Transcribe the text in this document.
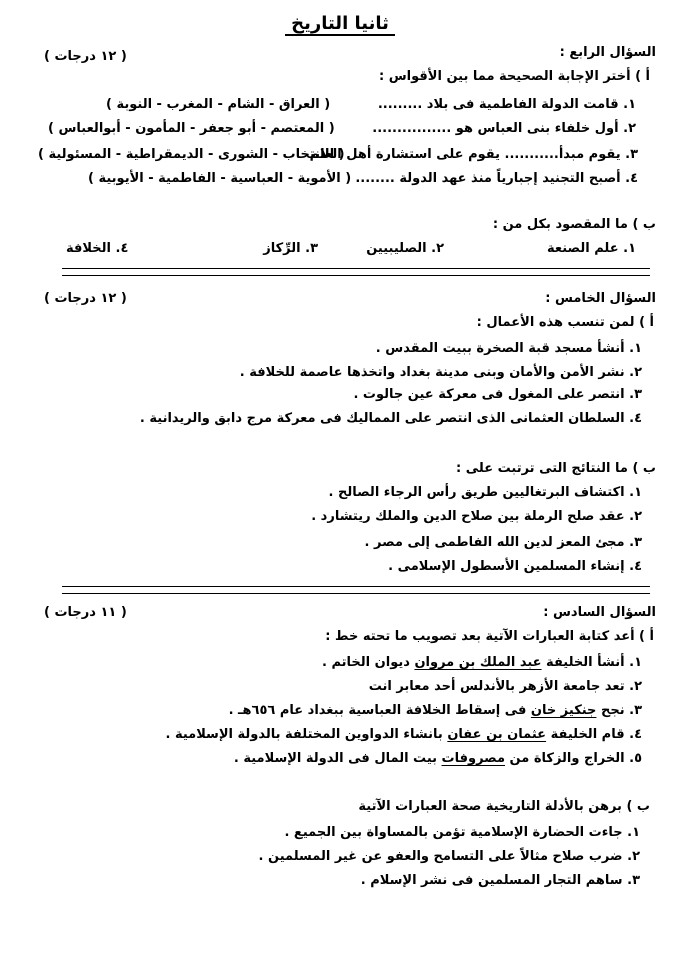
ثانيا التاريخ
السؤال الرابع :
( ١٢ درجات )
أ ) أختر الإجابة الصحيحة مما بين الأقواس :
١. قامت الدولة الفاطمية فى بلاد .........
( العراق - الشام - المغرب - النوبة )
٢. أول خلفاء بنى العباس هو ................
( المعتصم - أبو جعفر - المأمون - أبوالعباس )
٣. يقوم مبدأ........... يقوم على استشارة أهل العلم
( الانتخاب - الشورى - الديمقراطية - المسئولية )
٤. أصبح التجنيد إجبارياً منذ عهد الدولة ........
( الأموية - العباسية - الفاطمية - الأيوبية )
ب ) ما المقصود بكل من :
١. علم الصنعة
٢. الصليبيين
٣. الرِّكاز
٤. الخلافة
السؤال الخامس :
( ١٢ درجات )
أ ) لمن تنسب هذه الأعمال :
١. أنشأ مسجد قبة الصخرة ببيت المقدس .
٢. نشر الأمن والأمان وبنى مدينة بغداد واتخذها عاصمة للخلافة .
٣. انتصر على المغول فى معركة عين جالوت .
٤. السلطان العثمانى الذى انتصر على المماليك فى معركة مرج دابق والريدانية .
ب ) ما النتائج التى ترتبت على :
١. اكتشاف البرتغاليين طريق رأس الرجاء الصالح .
٢. عقد صلح الرملة بين صلاح الدين والملك ريتشارد .
٣. مجئ المعز لدين الله الفاطمى إلى مصر .
٤. إنشاء المسلمين الأسطول الإسلامى .
السؤال السادس :
( ١١ درجات )
أ ) أعد كتابة العبارات الآتية بعد تصويب ما تحته خط :
١. أنشأ الخليفة عبد الملك بن مروان ديوان الخاتم .
٢. تعد جامعة الأزهر بالأندلس أحد معابر انت
٣. نجح جنكيز خان فى إسقاط الخلافة العباسية ببغداد عام ٦٥٦هـ .
٤. قام الخليفة عثمان بن عفان بانشاء الدواوين المختلفة بالدولة الإسلامية .
٥. الخراج والزكاة من مصروفات بيت المال فى الدولة الإسلامية .
ب ) برهن بالأدلة التاريخية صحة العبارات الآتية
١. جاءت الحضارة الإسلامية تؤمن بالمساواة بين الجميع .
٢. ضرب صلاح مثالاً على التسامح والعفو عن غير المسلمين .
٣. ساهم التجار المسلمين فى نشر الإسلام .
